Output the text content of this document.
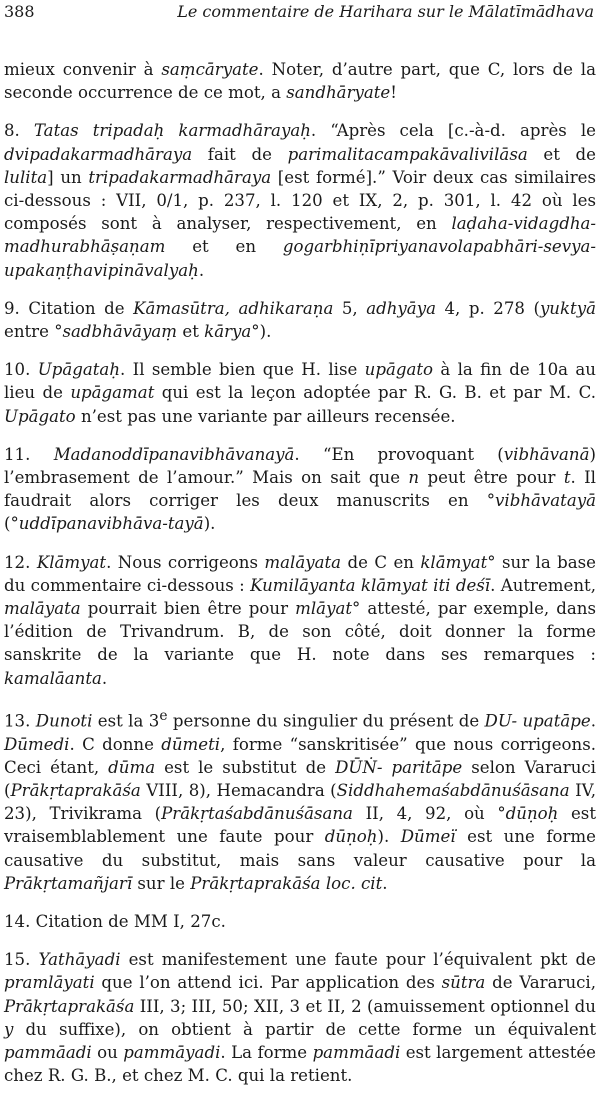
388	Le commentaire de Harihara sur le Mālatīmādhava

mieux convenir à saṃcāryate. Noter, d’autre part, que C, lors de la seconde occurrence de ce mot, a sandhāryate!

8. Tatas tripadaḥ karmadhārayaḥ. “Après cela [c.-à-d. après le dvipadakarmadhāraya fait de parimalitacampakāvalivilāsa et de lulita] un tripadakarmadhāraya [est formé].” Voir deux cas similaires ci-dessous : VII, 0/1, p. 237, l. 120 et IX, 2, p. 301, l. 42 où les composés sont à analyser, respectivement, en laḍaha-vidagdha-madhurabhāṣaṇam et en gogarbhiṇīpriyanavolapabhāri-sevya-upakaṇṭhavipināvalyaḥ.

9. Citation de Kāmasūtra, adhikaraṇa 5, adhyāya 4, p. 278 (yuktyā entre °sadbhāvāyaṃ et kārya°).

10. Upāgataḥ. Il semble bien que H. lise upāgato à la fin de 10a au lieu de upāgamat qui est la leçon adoptée par R. G. B. et par M. C. Upāgato n’est pas une variante par ailleurs recensée.

11. Madanoddīpanavibhāvanayā. “En provoquant (vibhāvanā) l’embrasement de l’amour.” Mais on sait que n peut être pour t. Il faudrait alors corriger les deux manuscrits en °vibhāvatayā (°uddīpanavibhāva-tayā).

12. Klāmyat. Nous corrigeons malāyata de C en klāmyat° sur la base du commentaire ci-dessous : Kumilāyanta klāmyat iti deśī. Autrement, malāyata pourrait bien être pour mlāyat° attesté, par exemple, dans l’édition de Trivandrum. B, de son côté, doit donner la forme sanskrite de la variante que H. note dans ses remarques : kamalāanta.

13. Dunoti est la 3e personne du singulier du présent de DU- upatāpe. Dūmedi. C donne dūmeti, forme “sanskritisée” que nous corrigeons. Ceci étant, dūma est le substitut de DŪṄ- paritāpe selon Vararuci (Prākṛtaprakāśa VIII, 8), Hemacandra (Siddhahemaśabdānuśāsana IV, 23), Trivikrama (Prākṛtaśabdānuśāsana II, 4, 92, où °dūṇoḥ est vraisemblablement une faute pour dūṇoḥ). Dūmeï est une forme causative du substitut, mais sans valeur causative pour la Prākṛtamañjarī sur le Prākṛtaprakāśa loc. cit.

14. Citation de MM I, 27c.

15. Yathāyadi est manifestement une faute pour l’équivalent pkt de pramlāyati que l’on attend ici. Par application des sūtra de Vararuci, Prākṛtaprakāśa III, 3; III, 50; XII, 3 et II, 2 (amuissement optionnel du y du suffixe), on obtient à partir de cette forme un équivalent pammāadi ou pammāyadi. La forme pammāadi est largement attestée chez R. G. B., et chez M. C. qui la retient.
